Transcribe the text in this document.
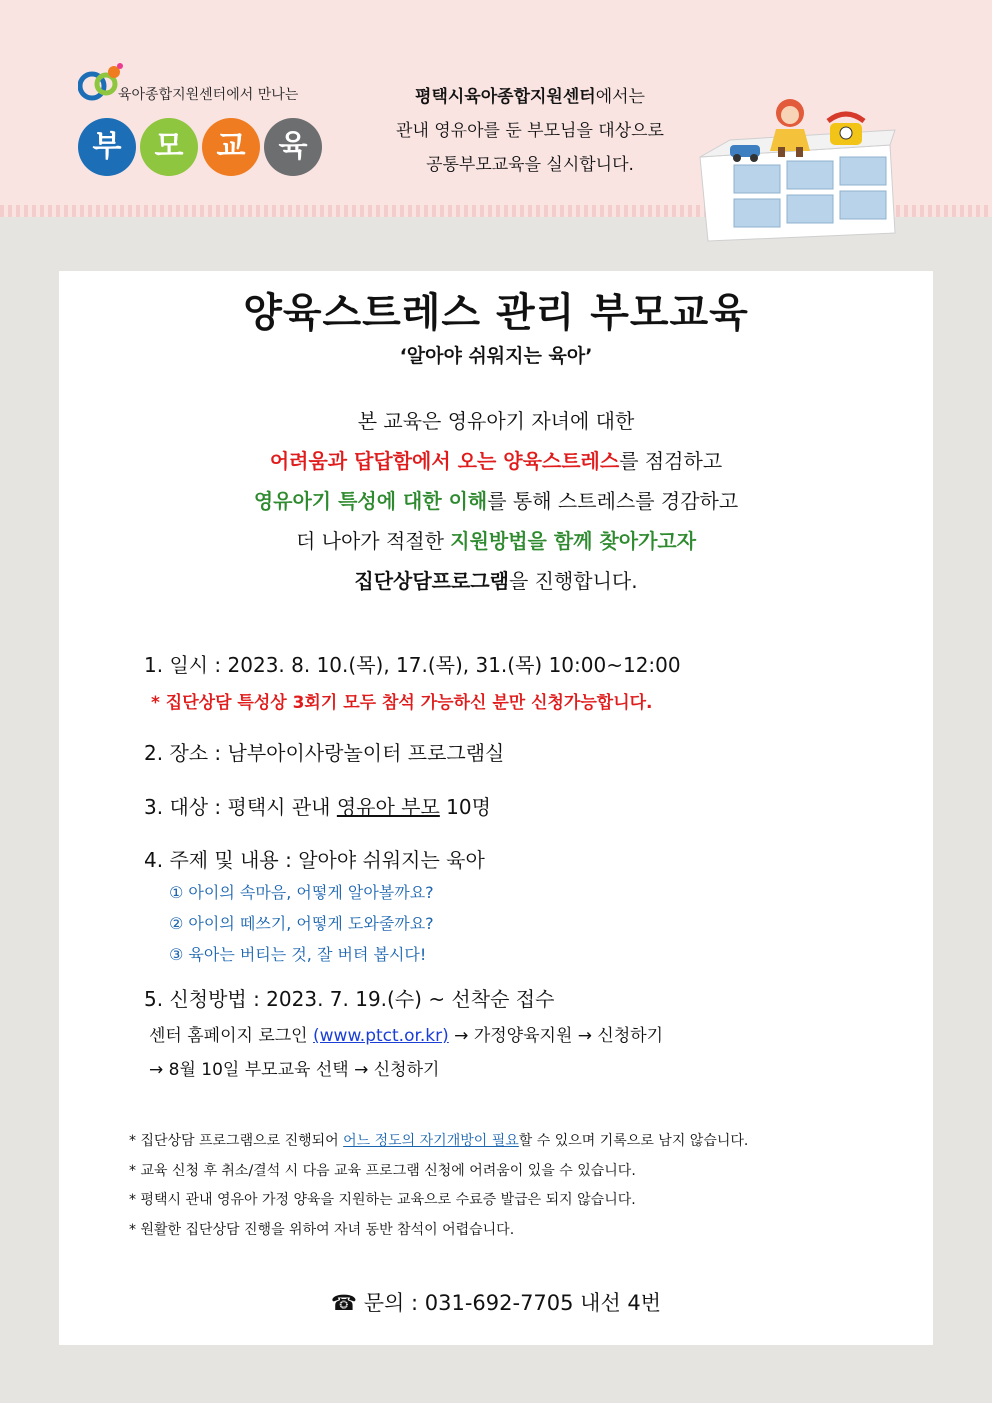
육아종합지원센터에서 만나는
부	모	교	육
평택시육아종합지원센터에서는
관내 영유아를 둔 부모님을 대상으로
공통부모교육을 실시합니다.
양육스트레스 관리 부모교육
‘알아야 쉬워지는 육아’
본 교육은 영유아기 자녀에 대한
어려움과 답답함에서 오는 양육스트레스를 점검하고
영유아기 특성에 대한 이해를 통해 스트레스를 경감하고
더 나아가 적절한 지원방법을 함께 찾아가고자
집단상담프로그램을 진행합니다.
1. 일시 : 2023. 8. 10.(목), 17.(목), 31.(목) 10:00~12:00
* 집단상담 특성상 3회기 모두 참석 가능하신 분만 신청가능합니다.
2. 장소 : 남부아이사랑놀이터 프로그램실
3. 대상 : 평택시 관내 영유아 부모 10명
4. 주제 및 내용 : 알아야 쉬워지는 육아
① 아이의 속마음, 어떻게 알아볼까요?
② 아이의 떼쓰기, 어떻게 도와줄까요?
③ 육아는 버티는 것, 잘 버텨 봅시다!
5. 신청방법 : 2023. 7. 19.(수) ~ 선착순 접수
센터 홈페이지 로그인 (www.ptct.or.kr) → 가정양육지원 → 신청하기
→ 8월 10일 부모교육 선택 → 신청하기
* 집단상담 프로그램으로 진행되어 어느 정도의 자기개방이 필요할 수 있으며 기록으로 남지 않습니다.
* 교육 신청 후 취소/결석 시 다음 교육 프로그램 신청에 어려움이 있을 수 있습니다.
* 평택시 관내 영유아 가정 양육을 지원하는 교육으로 수료증 발급은 되지 않습니다.
* 원활한 집단상담 진행을 위하여 자녀 동반 참석이 어렵습니다.
☎ 문의 : 031-692-7705 내선 4번
